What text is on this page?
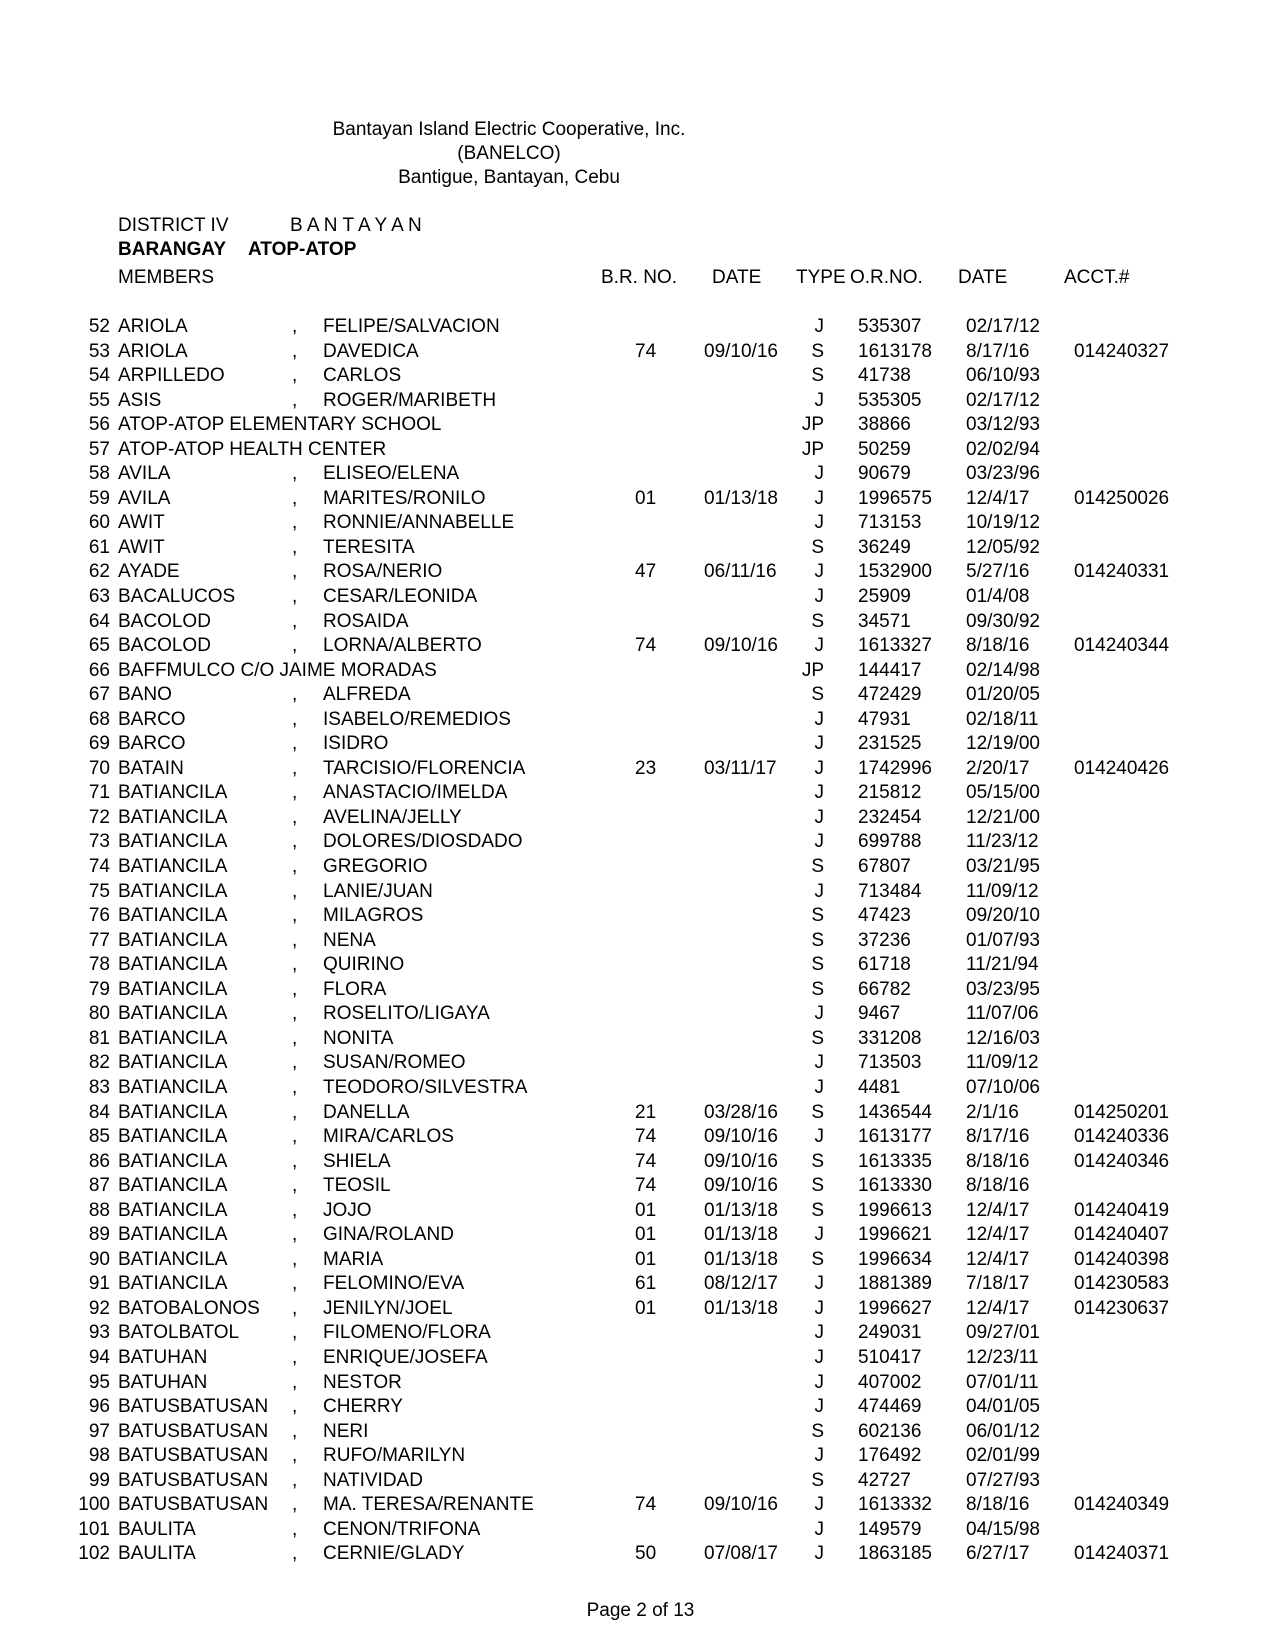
Bantayan Island Electric Cooperative, Inc.
(BANELCO)
Bantigue, Bantayan, Cebu
DISTRICT IV	B A N T A Y A N
BARANGAY ATOP-ATOP
MEMBERS	B.R. NO. DATE TYPE O.R.NO. DATE	ACCT.#
52 ARIOLA	, FELIPE/SALVACION	J 535307 02/17/12
53 ARIOLA	, DAVEDICA	74	09/10/16 S 1613178 8/17/16 014240327
54 ARPILLEDO	, CARLOS	S 41738	06/10/93
55 ASIS	, ROGER/MARIBETH	J 535305 02/17/12
56 ATOP-ATOP ELEMENTARY SCHOOL	JP 38866	03/12/93
57 ATOP-ATOP HEALTH CENTER	JP 50259	02/02/94
58 AVILA	, ELISEO/ELENA	J 90679	03/23/96
59 AVILA	, MARITES/RONILO	01	01/13/18 J 1996575 12/4/17 014250026
60 AWIT	, RONNIE/ANNABELLE	J 713153 10/19/12
61 AWIT	, TERESITA	S 36249	12/05/92
62 AYADE	, ROSA/NERIO	47	06/11/16 J 1532900 5/27/16 014240331
63 BACALUCOS	, CESAR/LEONIDA	J 25909	01/4/08
64 BACOLOD	, ROSAIDA	S 34571	09/30/92
65 BACOLOD	, LORNA/ALBERTO	74	09/10/16 J 1613327 8/18/16 014240344
66 BAFFMULCO C/O JAIME MORADAS	JP 144417 02/14/98
67 BANO	, ALFREDA	S 472429 01/20/05
68 BARCO	, ISABELO/REMEDIOS	J 47931	02/18/11
69 BARCO	, ISIDRO	J 231525 12/19/00
70 BATAIN	, TARCISIO/FLORENCIA	23	03/11/17 J 1742996 2/20/17 014240426
71 BATIANCILA	, ANASTACIO/IMELDA	J 215812 05/15/00
72 BATIANCILA	, AVELINA/JELLY	J 232454 12/21/00
73 BATIANCILA	, DOLORES/DIOSDADO	J 699788 11/23/12
74 BATIANCILA	, GREGORIO	S 67807	03/21/95
75 BATIANCILA	, LANIE/JUAN	J 713484 11/09/12
76 BATIANCILA	, MILAGROS	S 47423	09/20/10
77 BATIANCILA	, NENA	S 37236	01/07/93
78 BATIANCILA	, QUIRINO	S 61718	11/21/94
79 BATIANCILA	, FLORA	S 66782	03/23/95
80 BATIANCILA	, ROSELITO/LIGAYA	J 9467	11/07/06
81 BATIANCILA	, NONITA	S 331208 12/16/03
82 BATIANCILA	, SUSAN/ROMEO	J 713503 11/09/12
83 BATIANCILA	, TEODORO/SILVESTRA	J 4481	07/10/06
84 BATIANCILA	, DANELLA	21	03/28/16 S 1436544 2/1/16	014250201
85 BATIANCILA	, MIRA/CARLOS	74	09/10/16 J 1613177 8/17/16 014240336
86 BATIANCILA	, SHIELA	74	09/10/16 S 1613335 8/18/16 014240346
87 BATIANCILA	, TEOSIL	74	09/10/16 S 1613330 8/18/16
88 BATIANCILA	, JOJO	01	01/13/18 S 1996613 12/4/17 014240419
89 BATIANCILA	, GINA/ROLAND	01	01/13/18 J 1996621 12/4/17 014240407
90 BATIANCILA	, MARIA	01	01/13/18 S 1996634 12/4/17 014240398
91 BATIANCILA	, FELOMINO/EVA	61	08/12/17 J 1881389 7/18/17 014230583
92 BATOBALONOS , JENILYN/JOEL	01	01/13/18 J 1996627 12/4/17 014230637
93 BATOLBATOL	, FILOMENO/FLORA	J 249031 09/27/01
94 BATUHAN	, ENRIQUE/JOSEFA	J 510417 12/23/11
95 BATUHAN	, NESTOR	J 407002 07/01/11
96 BATUSBATUSAN , CHERRY	J 474469 04/01/05
97 BATUSBATUSAN , NERI	S 602136 06/01/12
98 BATUSBATUSAN , RUFO/MARILYN	J 176492 02/01/99
99 BATUSBATUSAN , NATIVIDAD	S 42727	07/27/93
100 BATUSBATUSAN , MA. TERESA/RENANTE	74	09/10/16 J 1613332 8/18/16 014240349
101 BAULITA	, CENON/TRIFONA	J 149579 04/15/98
102 BAULITA	, CERNIE/GLADY	50	07/08/17 J 1863185 6/27/17 014240371
Page 2 of 13
